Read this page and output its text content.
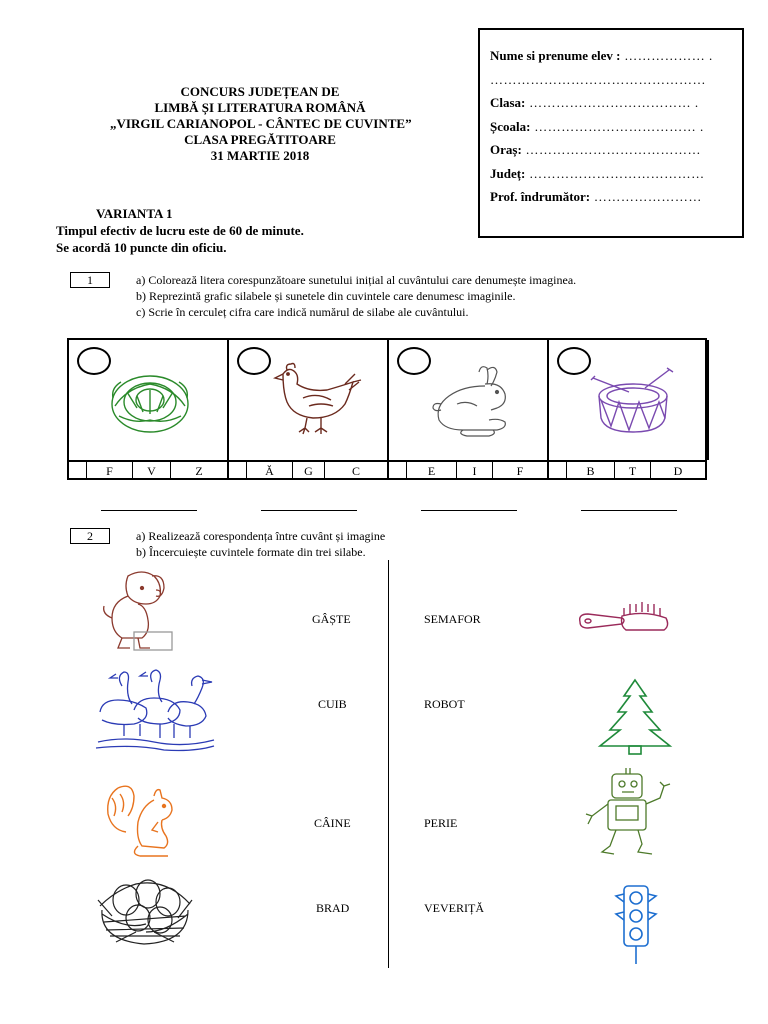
CONCURS JUDEȚEAN DE
LIMBĂ ȘI LITERATURA ROMÂNĂ
„VIRGIL CARIANOPOL - CÂNTEC DE CUVINTE”
CLASA PREGĂTITOARE
31 MARTIE 2018
VARIANTA 1
Timpul efectiv de lucru este de 60 de minute.
Se acordă 10 puncte din oficiu.
Nume si prenume elev : ……………… .
…………………………………………
Clasa: ……………………………… .
Școala: ……………………………… .
Oraș: …………………………………
Județ: …………………………………
Prof. îndrumător: ……………………
1	a) Colorează litera corespunzătoare sunetului inițial al cuvântului care denumește imaginea.
b) Reprezintă grafic silabele și sunetele din cuvintele care denumesc imaginile.
c) Scrie în cerculeț cifra care indică numărul de silabe ale cuvântului.
F	V	Z	Ă	G	C	E	I	F	B	T	D
2	a) Realizează corespondența între cuvânt și imagine
b) Încercuiește cuvintele formate din trei silabe.
GÂȘTE
CUIB
CÂINE
BRAD
SEMAFOR
ROBOT
PERIE
VEVERIȚĂ
